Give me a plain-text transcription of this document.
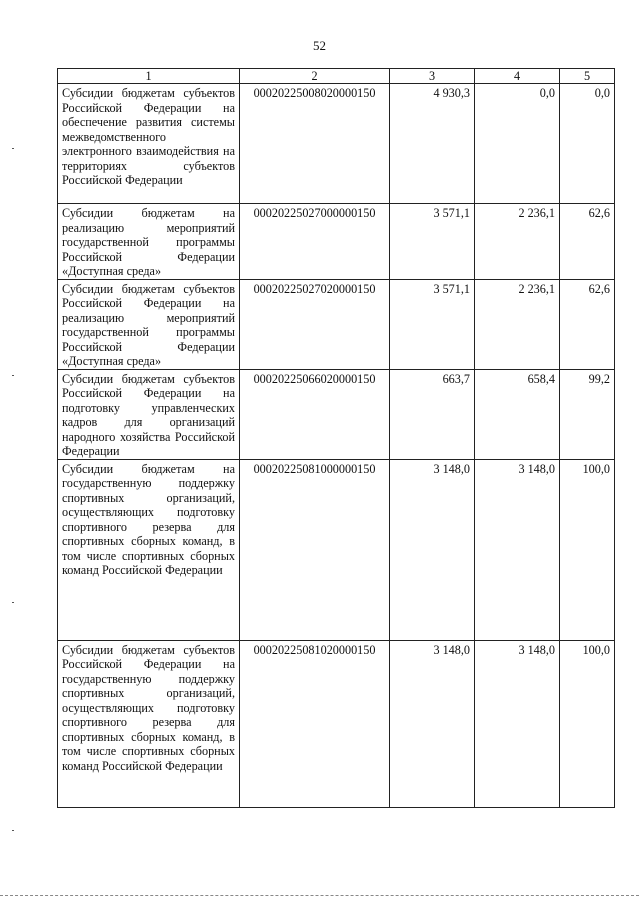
52
1	2	3	4	5
Субсидии бюджетам субъектов Российской Федерации на обеспечение развития системы межведомственного электронного взаимодействия на территориях субъектов Российской Федерации	00020225008020000150	4 930,3	0,0	0,0
Субсидии бюджетам на реализацию мероприятий государственной программы Российской Федерации «Доступная среда»	00020225027000000150	3 571,1	2 236,1	62,6
Субсидии бюджетам субъектов Российской Федерации на реализацию мероприятий государственной программы Российской Федерации «Доступная среда»	00020225027020000150	3 571,1	2 236,1	62,6
Субсидии бюджетам субъектов Российской Федерации на подготовку управленческих кадров для организаций народного хозяйства Российской Федерации	00020225066020000150	663,7	658,4	99,2
Субсидии бюджетам на государственную поддержку спортивных организаций, осуществляющих подготовку спортивного резерва для спортивных сборных команд, в том числе спортивных сборных команд Российской Федерации	00020225081000000150	3 148,0	3 148,0	100,0
Субсидии бюджетам субъектов Российской Федерации на государственную поддержку спортивных организаций, осуществляющих подготовку спортивного резерва для спортивных сборных команд, в том числе спортивных сборных команд Российской Федерации	00020225081020000150	3 148,0	3 148,0	100,0
